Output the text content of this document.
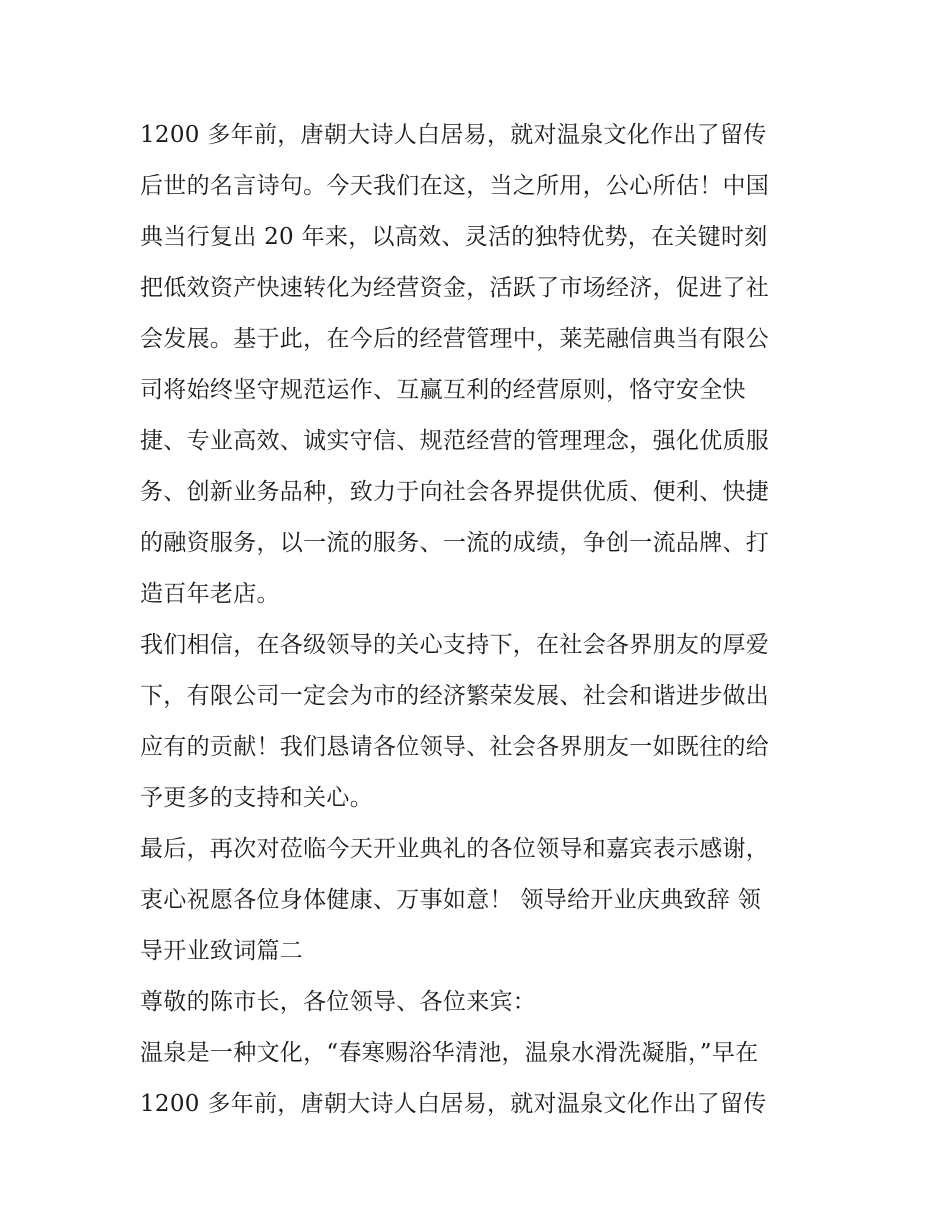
1200 多年前，唐朝大诗人白居易，就对温泉文化作出了留传

后世的名言诗句。今天我们在这，当之所用，公心所估！中国

典当行复出 20 年来，以高效、灵活的独特优势，在关键时刻

把低效资产快速转化为经营资金，活跃了市场经济，促进了社

会发展。基于此，在今后的经营管理中，莱芜融信典当有限公

司将始终坚守规范运作、互赢互利的经营原则，恪守安全快

捷、专业高效、诚实守信、规范经营的管理理念，强化优质服

务、创新业务品种，致力于向社会各界提供优质、便利、快捷

的融资服务，以一流的服务、一流的成绩，争创一流品牌、打

造百年老店。

我们相信，在各级领导的关心支持下，在社会各界朋友的厚爱

下，有限公司一定会为市的经济繁荣发展、社会和谐进步做出

应有的贡献！我们恳请各位领导、社会各界朋友一如既往的给

予更多的支持和关心。

最后，再次对莅临今天开业典礼的各位领导和嘉宾表示感谢，

衷心祝愿各位身体健康、万事如意！ 领导给开业庆典致辞 领

导开业致词篇二

尊敬的陈市长，各位领导、各位来宾：

温泉是一种文化，“春寒赐浴华清池，温泉水滑洗凝脂，”早在

1200 多年前，唐朝大诗人白居易，就对温泉文化作出了留传
